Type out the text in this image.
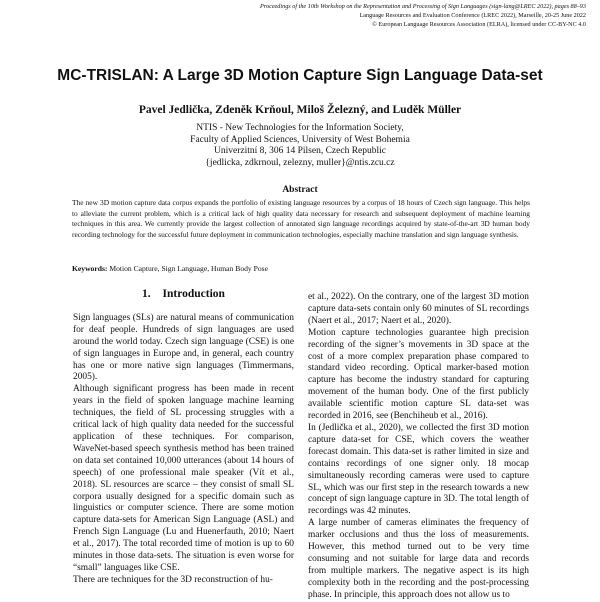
Proceedings of the 10th Workshop on the Representation and Processing of Sign Languages (sign-lang@LREC 2022), pages 88–93
Language Resources and Evaluation Conference (LREC 2022), Marseille, 20-25 June 2022
© European Language Resources Association (ELRA), licensed under CC-BY-NC 4.0
MC-TRISLAN: A Large 3D Motion Capture Sign Language Data-set
Pavel Jedlička, Zdeněk Krňoul, Miloš Železný, and Luděk Müller
NTIS - New Technologies for the Information Society,
Faculty of Applied Sciences, University of West Bohemia
Univerzitní 8, 306 14 Pilsen, Czech Republic
{jedlicka, zdkrnoul, zelezny, muller}@ntis.zcu.cz
Abstract
The new 3D motion capture data corpus expands the portfolio of existing language resources by a corpus of 18 hours of Czech sign language. This helps to alleviate the current problem, which is a critical lack of high quality data necessary for research and subsequent deployment of machine learning techniques in this area. We currently provide the largest collection of annotated sign language recordings acquired by state-of-the-art 3D human body recording technology for the successful future deployment in communication technologies, especially machine translation and sign language synthesis.
Keywords: Motion Capture, Sign Language, Human Body Pose
1. Introduction

Sign languages (SLs) are natural means of communication for deaf people. Hundreds of sign languages are used around the world today. Czech sign language (CSE) is one of sign languages in Europe and, in general, each country has one or more native sign languages (Timmermans, 2005).

Although significant progress has been made in recent years in the field of spoken language machine learning techniques, the field of SL processing struggles with a critical lack of high quality data needed for the successful application of these techniques. For comparison, WaveNet-based speech synthesis method has been trained on data set contained 10,000 utterances (about 14 hours of speech) of one professional male speaker (Vít et al., 2018). SL resources are scarce – they consist of small SL corpora usually designed for a specific domain such as linguistics or computer science. There are some motion capture data-sets for American Sign Language (ASL) and French Sign Language (Lu and Huenerfauth, 2010; Naert et al., 2017). The total recorded time of motion is up to 60 minutes in those data-sets. The situation is even worse for “small” languages like CSE.

There are techniques for the 3D reconstruction of hu-

et al., 2022). On the contrary, one of the largest 3D motion capture data-sets contain only 60 minutes of SL recordings (Naert et al., 2017; Naert et al., 2020).

Motion capture technologies guarantee high precision recording of the signer’s movements in 3D space at the cost of a more complex preparation phase compared to standard video recording. Optical marker-based motion capture has become the industry standard for capturing movement of the human body. One of the first publicly available scientific motion capture SL data-set was recorded in 2016, see (Benchiheub et al., 2016).

In (Jedlička et al., 2020), we collected the first 3D motion capture data-set for CSE, which covers the weather forecast domain. This data-set is rather limited in size and contains recordings of one signer only. 18 mocap simultaneously recording cameras were used to capture SL, which was our first step in the research towards a new concept of sign language capture in 3D. The total length of recordings was 42 minutes.

A large number of cameras eliminates the frequency of marker occlusions and thus the loss of measurements. However, this method turned out to be very time consuming and not suitable for large data and records from multiple markers. The negative aspect is its high complexity both in the recording and the post-processing phase. In principle, this approach does not allow us to
